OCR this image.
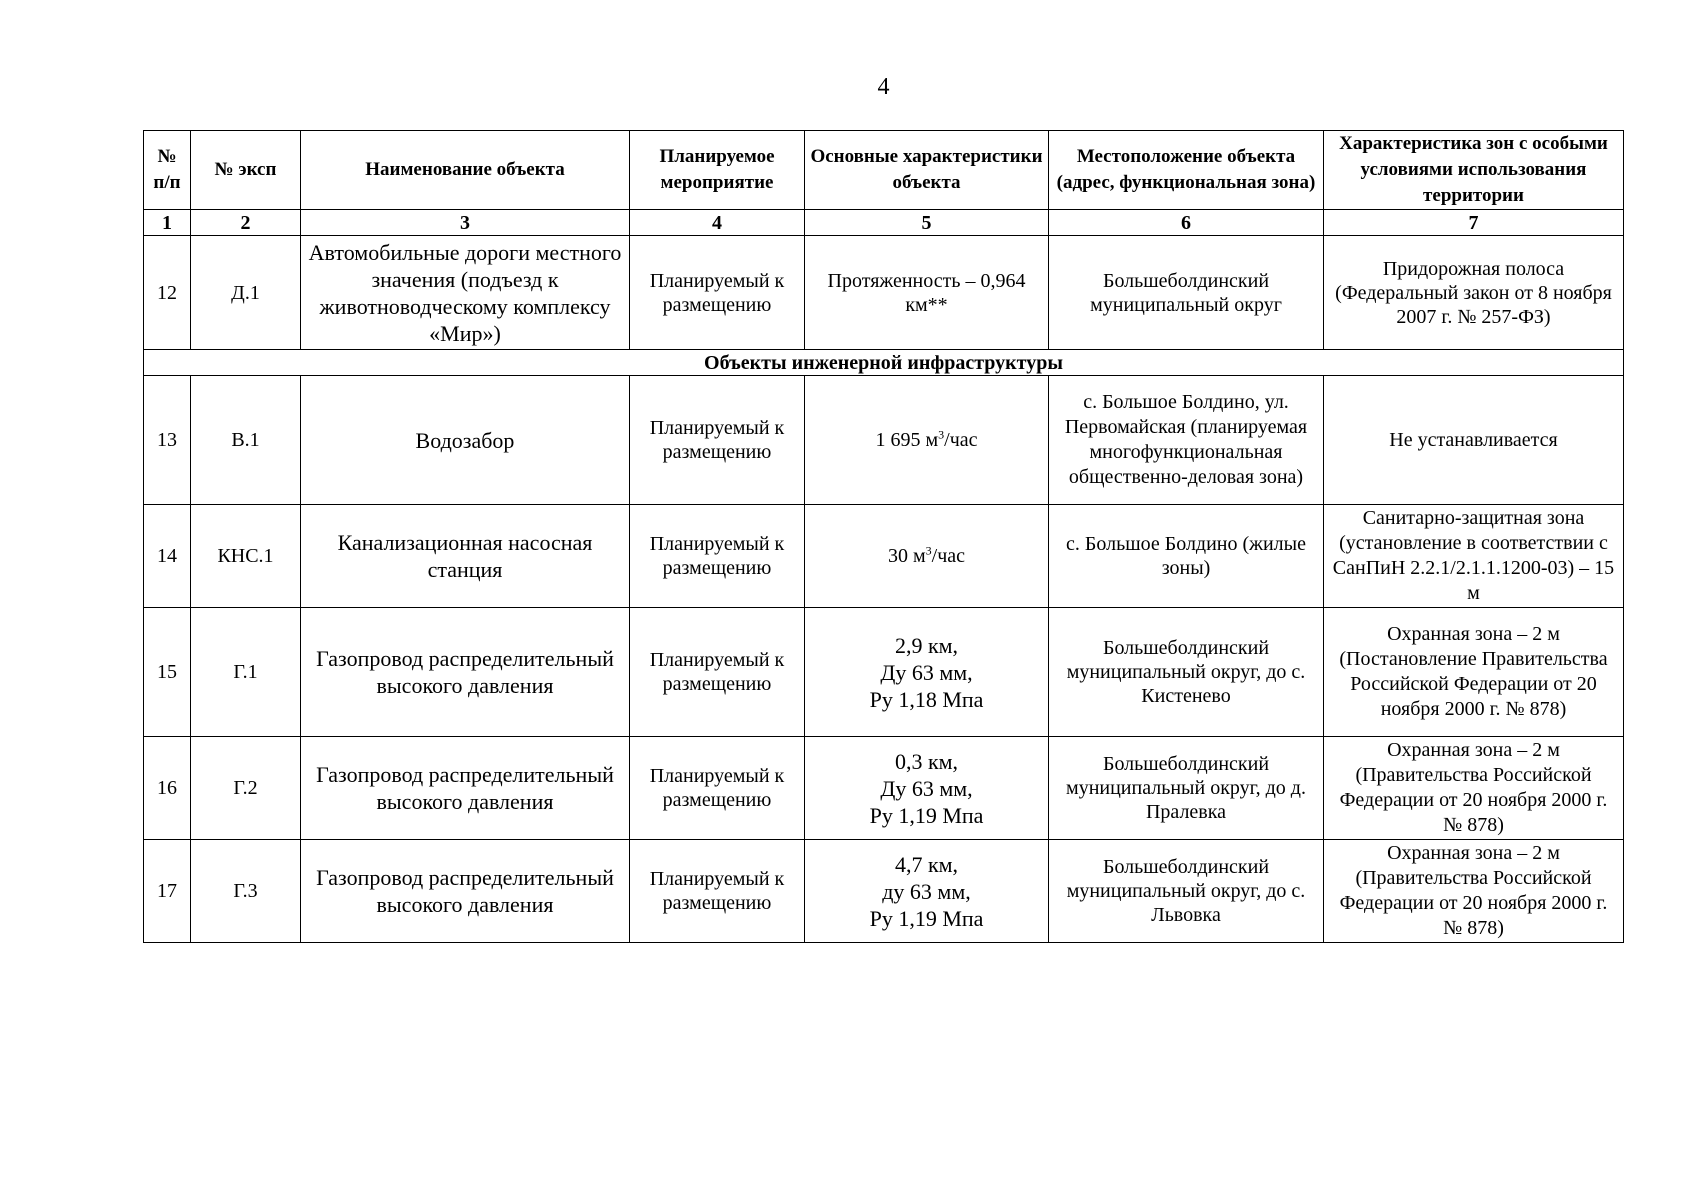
4
№ п/п	№ эксп	Наименование объекта	Планируемое мероприятие	Основные характеристики объекта	Местоположение объекта (адрес, функциональная зона)	Характеристика зон с особыми условиями использования территории
1	2	3	4	5	6	7
12	Д.1	Автомобильные дороги местного значения (подъезд к животноводческому комплексу «Мир»)	Планируемый к размещению	Протяженность – 0,964 км**	Большеболдинский муниципальный округ	Придорожная полоса (Федеральный закон от 8 ноября 2007 г. № 257-ФЗ)
Объекты инженерной инфраструктуры						
13	В.1	Водозабор	Планируемый к размещению	1 695 $м^3$/час	с. Большое Болдино, ул. Первомайская (планируемая многофункциональная общественно-деловая зона)	Не устанавливается
14	КНС.1	Канализационная насосная станция	Планируемый к размещению	30 $м^3$/час	с. Большое Болдино (жилые зоны)	Санитарно-защитная зона (установление в соответствии с СанПиН 2.2.1/2.1.1.1200-03) – 15 м
15	Г.1	Газопровод распределительный высокого давления	Планируемый к размещению	2,9 км,
Ду 63 мм,
Ру 1,18 Мпа	Большеболдинский муниципальный округ, до с. Кистенево	Охранная зона – 2 м (Постановление Правительства Российской Федерации от 20 ноября 2000 г. № 878)
16	Г.2	Газопровод распределительный высокого давления	Планируемый к размещению	0,3 км,
Ду 63 мм,
Ру 1,19 Мпа	Большеболдинский муниципальный округ, до д. Пралевка	Охранная зона – 2 м (Правительства Российской Федерации от 20 ноября 2000 г. № 878)
17	Г.3	Газопровод распределительный высокого давления	Планируемый к размещению	4,7 км,
ду 63 мм,
Ру 1,19 Мпа	Большеболдинский муниципальный округ, до с. Львовка	Охранная зона – 2 м (Правительства Российской Федерации от 20 ноября 2000 г. № 878)
